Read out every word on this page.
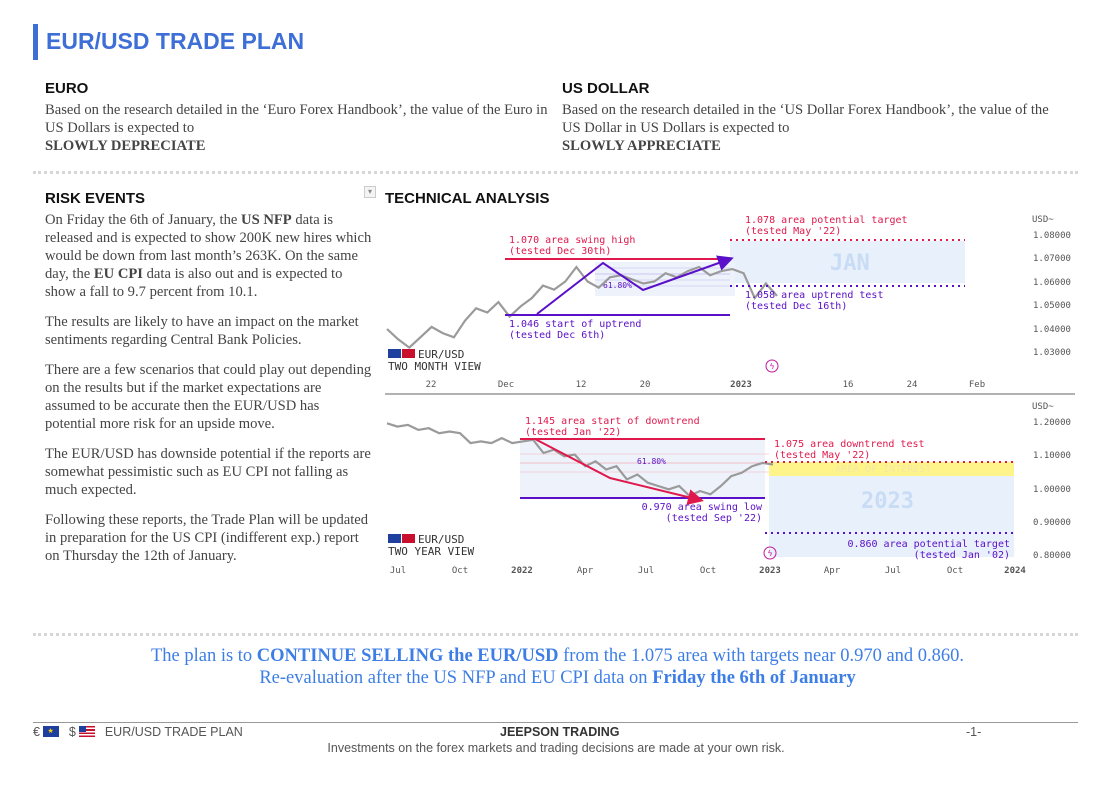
EUR/USD TRADE PLAN
EURO
Based on the research detailed in the ‘Euro Forex Handbook’, the value of the Euro in US Dollars is expected to
SLOWLY DEPRECIATE
US DOLLAR
Based on the research detailed in the ‘US Dollar Forex Handbook’, the value of the US Dollar in US Dollars is expected to
SLOWLY APPRECIATE
RISK EVENTS	▾

On Friday the 6th of January, the US NFP data is released and is expected to show 200K new hires which would be down from last month’s 263K. On the same day, the EU CPI data is also out and is expected to show a fall to 9.7 percent from 10.1.

The results are likely to have an impact on the market sentiments regarding Central Bank Policies.

There are a few scenarios that could play out depending on the results but if the market expectations are assumed to be accurate then the EUR/USD has potential more risk for an upside move.

The EUR/USD has downside potential if the reports are somewhat pessimistic such as EU CPI not falling as much expected.

Following these reports, the Trade Plan will be updated in preparation for the US CPI (indifferent exp.) report on Thursday the 12th of January.

TECHNICAL ANALYSIS
JAN
61.80%
1.078 area potential target
(tested May '22)
1.070 area swing high
(tested Dec 30th)
1.058 area uptrend test
(tested Dec 16th)
1.046 start of uptrend
(tested Dec 6th)
USD~
1.08000
1.07000
1.06000
1.05000
1.04000
1.03000
22	Dec	12	20	2023	16	24	Feb
EUR/USD
TWO MONTH VIEW	ϟ
2023
AREA OF INTEREST
61.80%
1.145 area start of downtrend
(tested Jan '22)
1.075 area downtrend test
(tested May '22)
0.970 area swing low
(tested Sep '22)
0.860 area potential target
(tested Jan '02)
USD~
1.20000
1.10000
1.00000
0.90000
0.80000
Jul	Oct	2022	Apr	Jul	Oct	2023	Apr	Jul	Oct	2024
EUR/USD
TWO YEAR VIEW	ϟ
The plan is to CONTINUE SELLING the EUR/USD from the 1.075 area with targets near 0.970 and 0.860.
Re-evaluation after the US NFP and EU CPI data on Friday the 6th of January
€ ★ $ EUR/USD TRADE PLAN	JEEPSON TRADING	-1-
Investments on the forex markets and trading decisions are made at your own risk.
